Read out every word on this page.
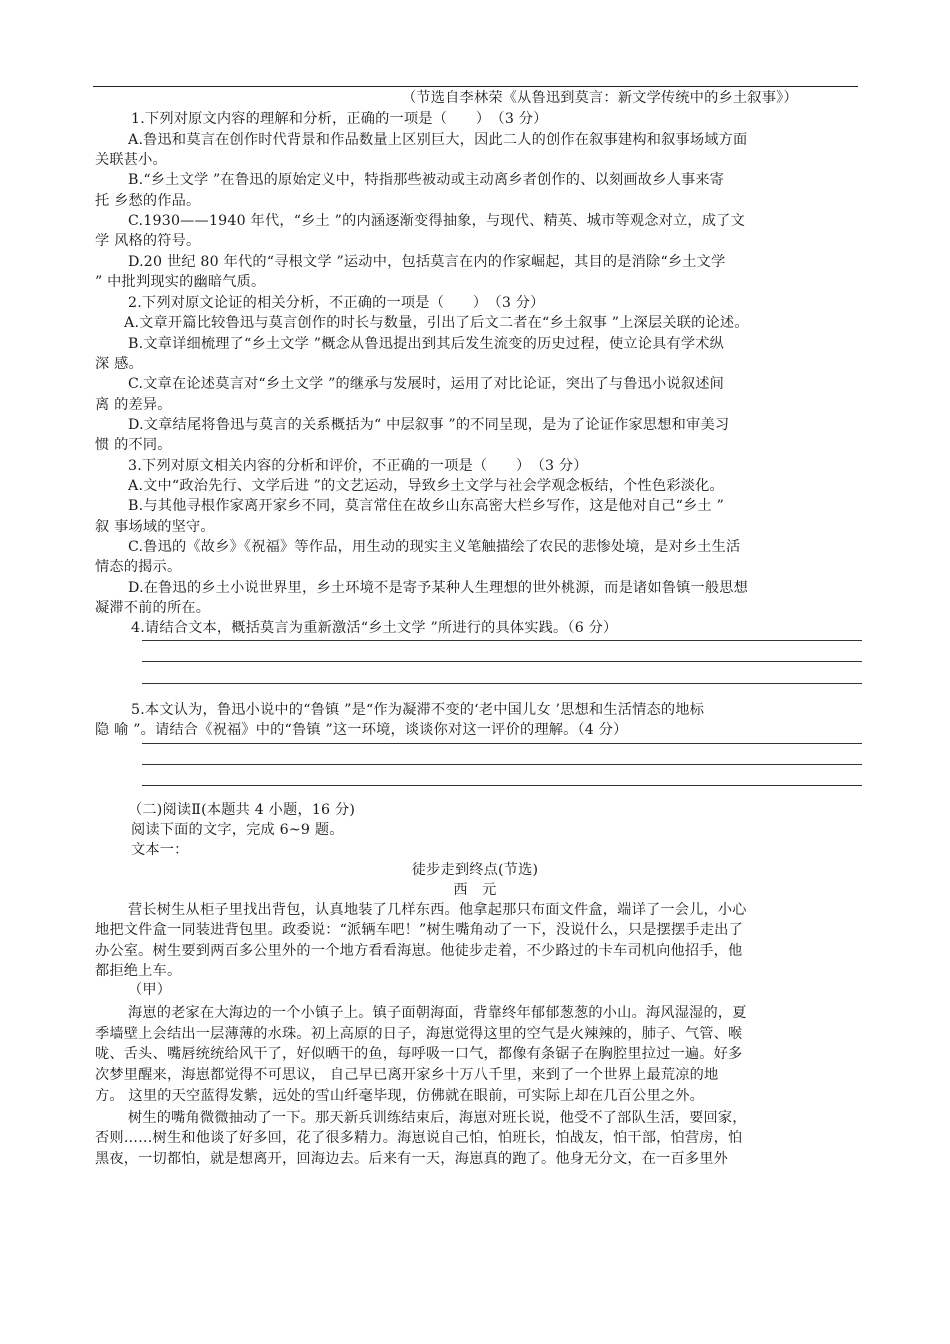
（节选自李林荣《从鲁迅到莫言：新文学传统中的乡土叙事》）
1.下列对原文内容的理解和分析，正确的一项是（　　）　（3 分）
A.鲁迅和莫言在创作时代背景和作品数量上区别巨大，因此二人的创作在叙事建构和叙事场域方面
关联甚小。
B.“乡土文学 ”在鲁迅的原始定义中，特指那些被动或主动离乡者创作的、以刻画故乡人事来寄
托 乡愁的作品。
C.1930——1940 年代，“乡土 ”的内涵逐渐变得抽象，与现代、精英、城市等观念对立，成了文
学 风格的符号。
D.20 世纪 80 年代的“寻根文学 ”运动中，包括莫言在内的作家崛起，其目的是消除“乡土文学
” 中批判现实的幽暗气质。
2.下列对原文论证的相关分析，不正确的一项是（　　）　（3 分）
A.文章开篇比较鲁迅与莫言创作的时长与数量，引出了后文二者在“乡土叙事 ”上深层关联的论述。
B.文章详细梳理了“乡土文学 ”概念从鲁迅提出到其后发生流变的历史过程，使立论具有学术纵
深 感。
C.文章在论述莫言对“乡土文学 ”的继承与发展时，运用了对比论证，突出了与鲁迅小说叙述间
离 的差异。
D.文章结尾将鲁迅与莫言的关系概括为“ 中层叙事 ”的不同呈现，是为了论证作家思想和审美习
惯 的不同。
3.下列对原文相关内容的分析和评价，不正确的一项是（　　）　（3 分）
A.文中“政治先行、文学后进 ”的文艺运动，导致乡土文学与社会学观念板结，个性色彩淡化。
B.与其他寻根作家离开家乡不同，莫言常住在故乡山东高密大栏乡写作，这是他对自己“乡土 ”
叙 事场域的坚守。
C.鲁迅的《故乡》《祝福》等作品，用生动的现实主义笔触描绘了农民的悲惨处境，是对乡土生活
情态的揭示。
D.在鲁迅的乡土小说世界里，乡土环境不是寄予某种人生理想的世外桃源，而是诸如鲁镇一般思想
凝滞不前的所在。
4.请结合文本，概括莫言为重新激活“乡土文学 ”所进行的具体实践。（6 分）
5.本文认为，鲁迅小说中的“鲁镇 ”是“作为凝滞不变的‘老中国儿女 ’思想和生活情态的地标
隐 喻 ”。请结合《祝福》中的“鲁镇 ”这一环境，谈谈你对这一评价的理解。（4 分）
（二)阅读Ⅱ(本题共 4 小题，16 分)
阅读下面的文字，完成 6~9 题。
文本一：
徒步走到终点(节选)
西　元
营长树生从柜子里找出背包，认真地装了几样东西。他拿起那只布面文件盒，端详了一会儿，小心
地把文件盒一同装进背包里。政委说：“派辆车吧！”树生嘴角动了一下，没说什么，只是摆摆手走出了
办公室。树生要到两百多公里外的一个地方看看海崽。他徒步走着，不少路过的卡车司机向他招手，他
都拒绝上车。
（甲）
海崽的老家在大海边的一个小镇子上。镇子面朝海面，背靠终年郁郁葱葱的小山。海风湿湿的，夏
季墙壁上会结出一层薄薄的水珠。初上高原的日子，海崽觉得这里的空气是火辣辣的，肺子、气管、喉
咙、舌头、嘴唇统统给风干了，好似晒干的鱼，每呼吸一口气，都像有条锯子在胸腔里拉过一遍。好多
次梦里醒来，海崽都觉得不可思议， 自己早已离开家乡十万八千里，来到了一个世界上最荒凉的地
方。 这里的天空蓝得发紫，远处的雪山纤毫毕现，仿佛就在眼前，可实际上却在几百公里之外。
树生的嘴角微微抽动了一下。那天新兵训练结束后，海崽对班长说，他受不了部队生活，要回家，
否则……树生和他谈了好多回，花了很多精力。海崽说自己怕，怕班长，怕战友，怕干部，怕营房，怕
黑夜，一切都怕，就是想离开，回海边去。后来有一天，海崽真的跑了。他身无分文，在一百多里外
